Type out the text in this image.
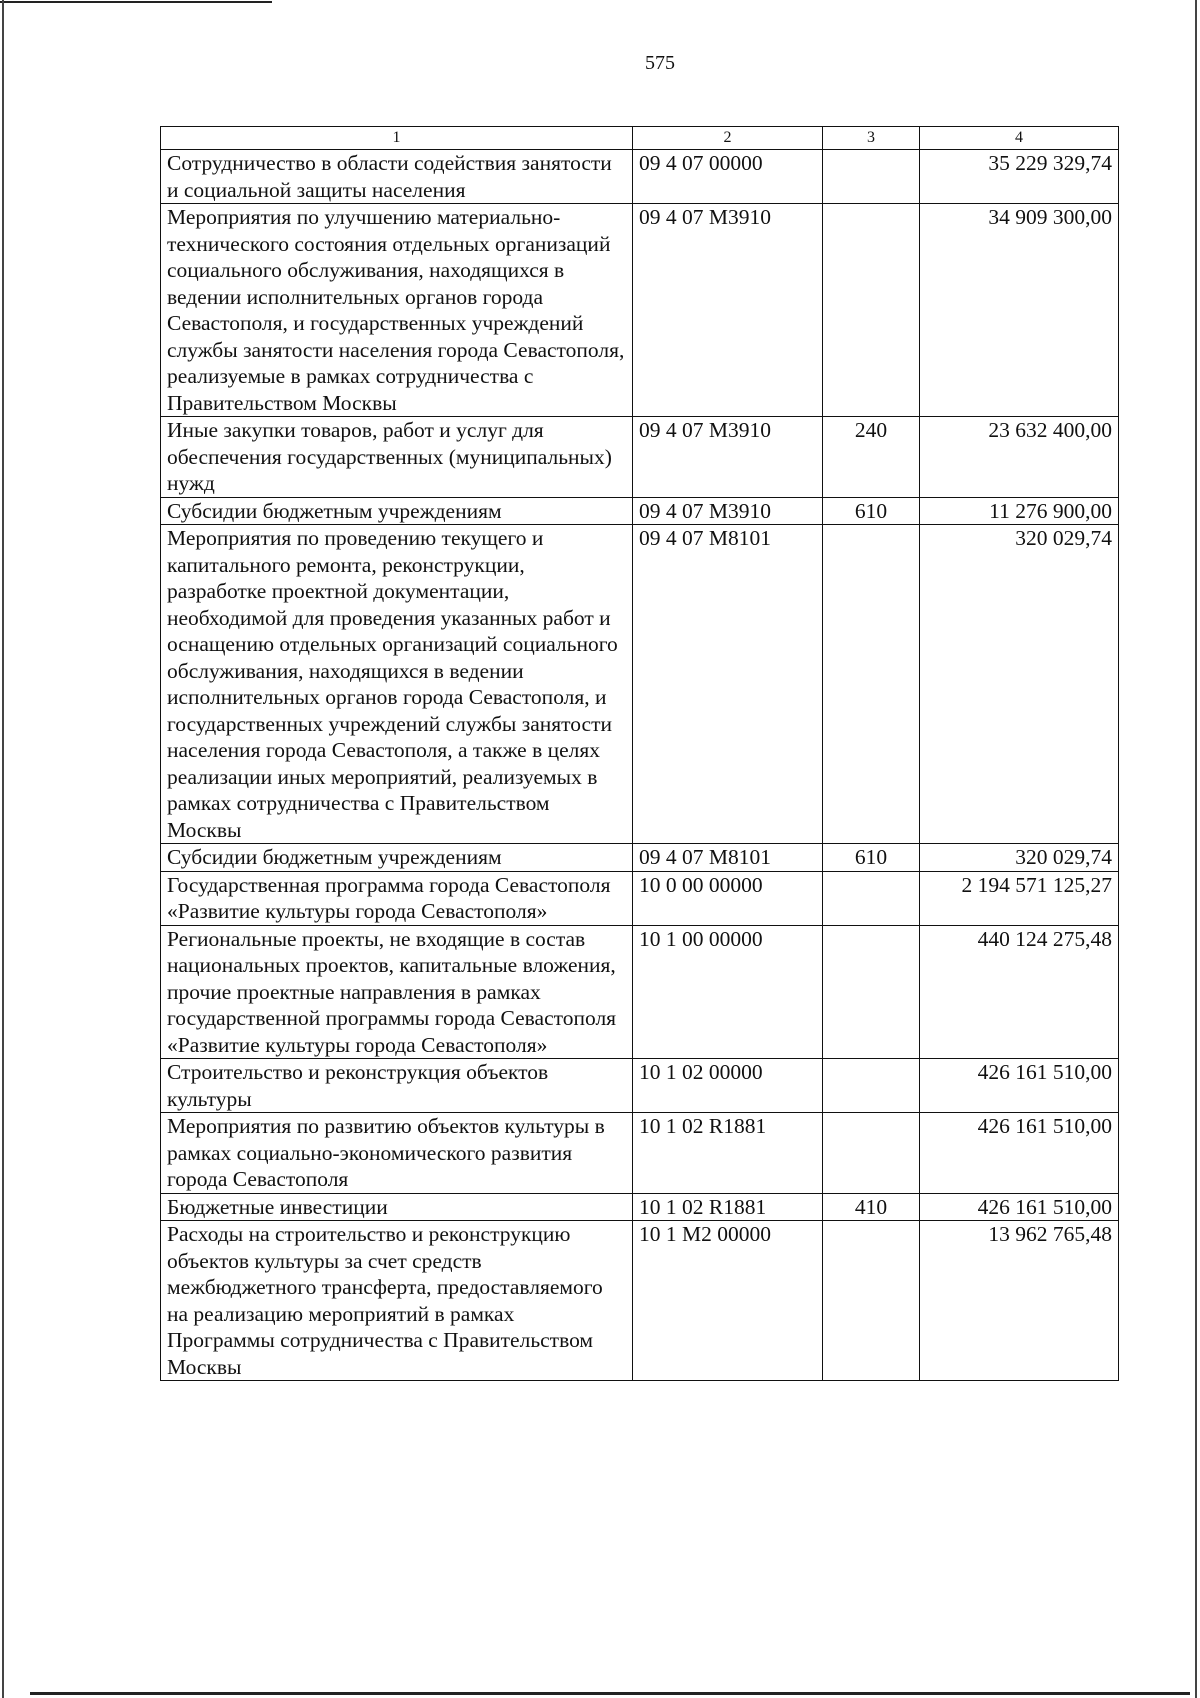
575
1	2	3	4
Сотрудничество в области содействия занятости и социальной защиты населения	09 4 07 00000		35 229 329,74
Мероприятия по улучшению материально-технического состояния отдельных организаций социального обслуживания, находящихся в ведении исполнительных органов города Севастополя, и государственных учреждений службы занятости населения города Севастополя, реализуемые в рамках сотрудничества с Правительством Москвы	09 4 07 М3910		34 909 300,00
Иные закупки товаров, работ и услуг для обеспечения государственных (муниципальных) нужд	09 4 07 М3910	240	23 632 400,00
Субсидии бюджетным учреждениям	09 4 07 М3910	610	11 276 900,00
Мероприятия по проведению текущего и капитального ремонта, реконструкции, разработке проектной документации, необходимой для проведения указанных работ и оснащению отдельных организаций социального обслуживания, находящихся в ведении исполнительных органов города Севастополя, и государственных учреждений службы занятости населения города Севастополя, а также в целях реализации иных мероприятий, реализуемых в рамках сотрудничества с Правительством Москвы	09 4 07 М8101		320 029,74
Субсидии бюджетным учреждениям	09 4 07 М8101	610	320 029,74
Государственная программа города Севастополя «Развитие культуры города Севастополя»	10 0 00 00000		2 194 571 125,27
Региональные проекты, не входящие в состав национальных проектов, капитальные вложения, прочие проектные направления в рамках государственной программы города Севастополя «Развитие культуры города Севастополя»	10 1 00 00000		440 124 275,48
Строительство и реконструкция объектов культуры	10 1 02 00000		426 161 510,00
Мероприятия по развитию объектов культуры в рамках социально-экономического развития города Севастополя	10 1 02 R1881		426 161 510,00
Бюджетные инвестиции	10 1 02 R1881	410	426 161 510,00
Расходы на строительство и реконструкцию объектов культуры за счет средств межбюджетного трансферта, предоставляемого на реализацию мероприятий в рамках Программы сотрудничества с Правительством Москвы	10 1 М2 00000		13 962 765,48
